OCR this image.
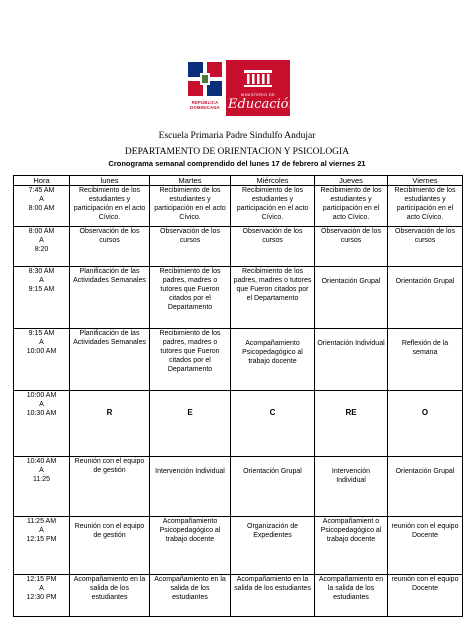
REPÚBLICA
DOMINICANA
MINISTERIO DE
Educación
Escuela Primaria Padre Sindulfo Andujar
DEPARTAMENTO DE ORIENTACION Y PSICOLOGIA
Cronograma semanal comprendido del lunes 17 de febrero al viernes 21
Hora	lunes	Martes	Miércoles	Jueves	Viernes
7:45 AM
A
8:00 AM	Recibimiento de los estudiantes y participación en el acto Cívico.	Recibimiento de los estudiantes y participación en el acto Cívico.	Recibimiento de los estudiantes y participación en el acto Cívico.	Recibimiento de los estudiantes y participación en el acto Cívico.	Recibimiento de los estudiantes y participación en el acto Cívico.
8:00 AM
A
8:20	Observación de los cursos	Observación de los cursos	Observación de los cursos	Observación de los cursos	Observación de los cursos
8:30 AM
A
9:15 AM	Planificación de las Actividades Semanales	Recibimiento de los padres, madres o tutores que Fueron citados por el Departamento	Recibimiento de los padres, madres o tutores que Fueron citados por el Departamento	Orientación Grupal	Orientación Grupal
9:15 AM
A
10:00 AM	Planificación de las Actividades Semanales	Recibimiento de los padres, madres o tutores que Fueron citados por el Departamento	Acompañamiento Psicopedagógico al trabajo docente	Orientación Individual	Reflexión de la semana
10:00 AM
A
10:30 AM	R	E	C	RE	O
10:40 AM
A
11:25	Reunión con el equipo de gestión	Intervención Individual	Orientación Grupal	Intervención Individual	Orientación Grupal
11:25 AM
A
12:15 PM	Reunión con el equipo de gestión	Acompañamiento Psicopedagógico al trabajo docente	Organización de Expedientes	Acompañamient o Psicopedagógico al trabajo docente	reunión con el equipo Docente
12:15 PM
A
12:30 PM	Acompañamiento en la salida de los estudiantes	Acompañamiento en la salida de los estudiantes	Acompañamiento en la salida de los estudiantes	Acompañamiento en la salida de los estudiantes	reunión con el equipo Docente
